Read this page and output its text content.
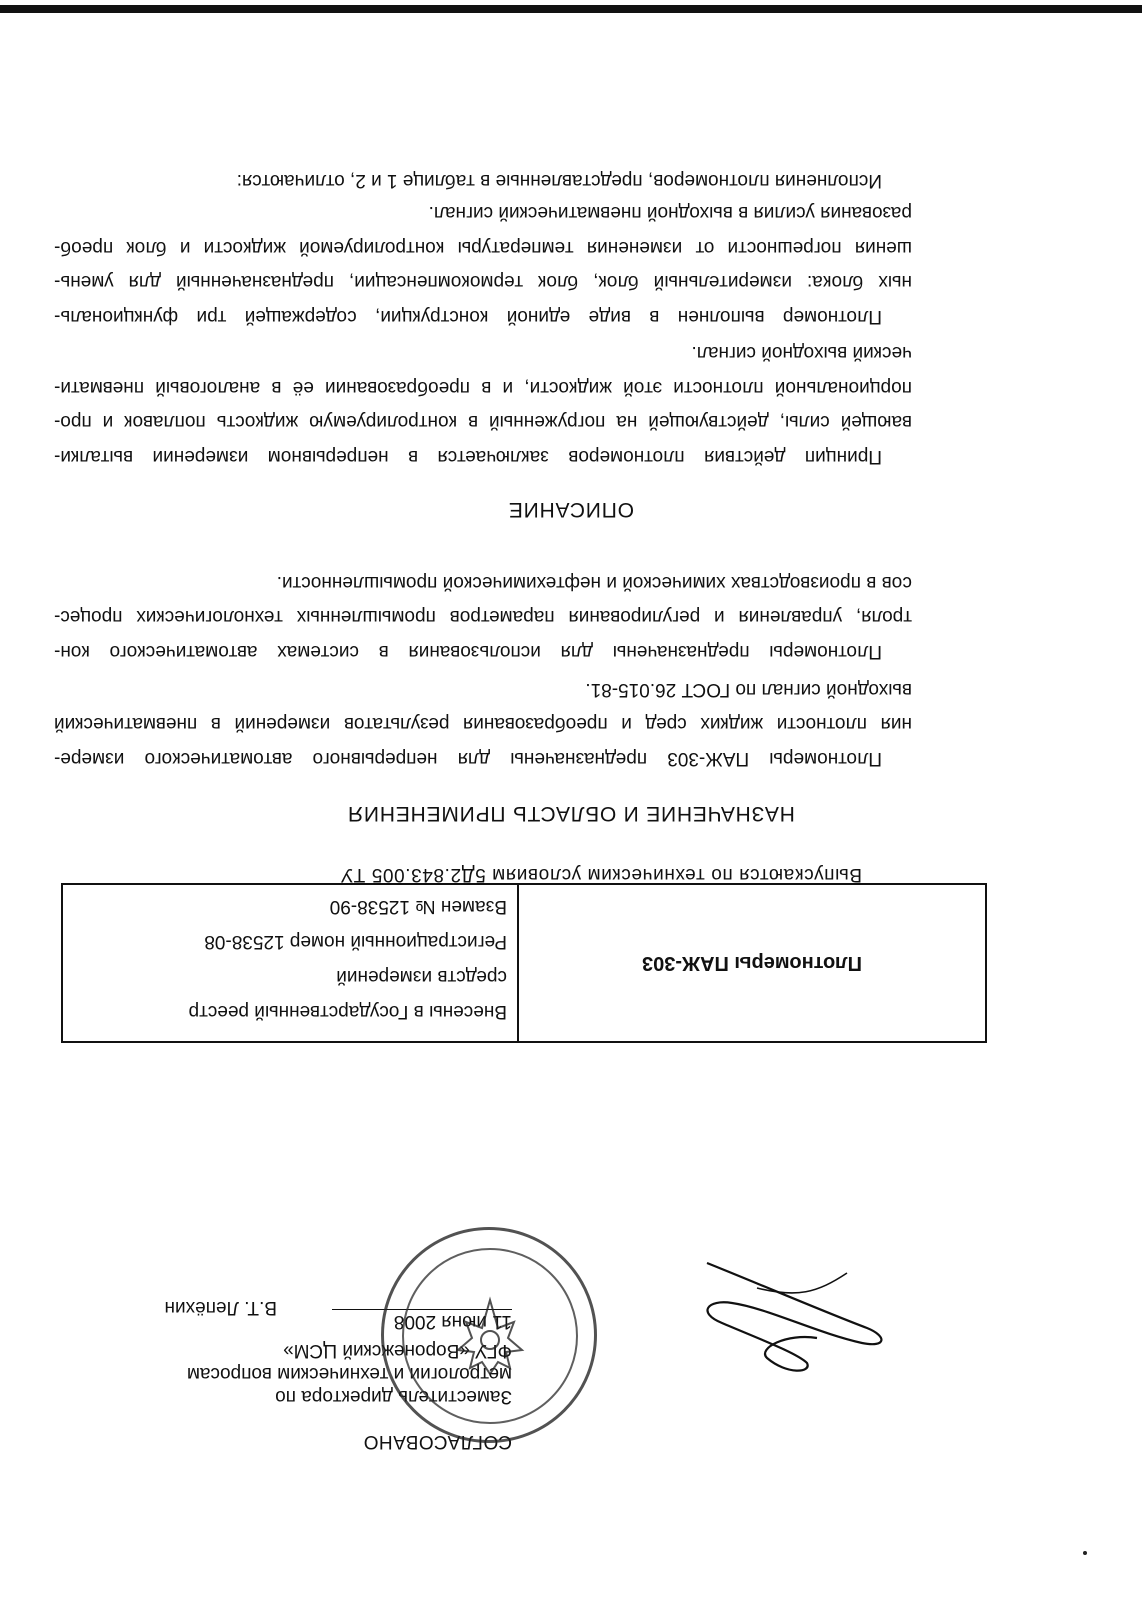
СОГЛАСОВАНО
Заместитель директора по
метрологии и техническим вопросам
ФГУ «Воронежский ЦСМ»
11 июня 2008
В.Т. Лепёхин
Плотномеры ПАЖ-303
Внесены в Государственный реестр
средств измерений
Регистрационный номер 12538-08
Взамен № 12538-90
Выпускаются по техническим условиям 5Д2.843.005 ТУ
НАЗНАЧЕНИЕ И ОБЛАСТЬ ПРИМЕНЕНИЯ
Плотномеры ПАЖ-303 предназначены для непрерывного автоматического измере-
ния плотности жидких сред и преобразования результатов измерений в пневматический
выходной сигнал по ГОСТ 26.015-81.
Плотномеры предназначены для использования в системах автоматического кон-
троля, управления и регулирования параметров промышленных технологических процес-
сов в производствах химической и нефтехимической промышленности.
ОПИСАНИЕ
Принцип действия плотномеров заключается в непрерывном измерении выталки-
вающей силы, действующей на погруженный в контролируемую жидкость поплавок и про-
порциональной плотности этой жидкости, и в преобразовании её в аналоговый пневмати-
ческий выходной сигнал.
Плотномер выполнен в виде единой конструкции, содержащей три функциональ-
ных блока: измерительный блок, блок термокомпенсации, предназначенный для умень-
шения погрешности от изменения температуры контролируемой жидкости и блок преоб-
разования усилия в выходной пневматический сигнал.
Исполнения плотномеров, представленные в таблице 1 и 2, отличаются:
